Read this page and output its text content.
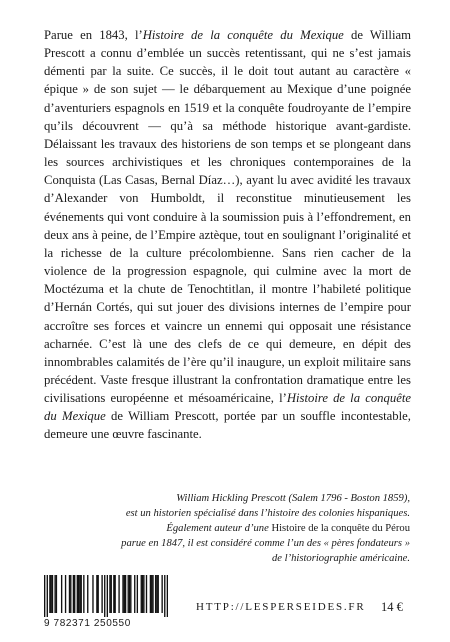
Parue en 1843, l’Histoire de la conquête du Mexique de William Prescott a connu d’emblée un succès retentissant, qui ne s’est jamais démenti par la suite. Ce succès, il le doit tout autant au caractère « épique » de son sujet — le débarquement au Mexique d’une poignée d’aventuriers espagnols en 1519 et la conquête foudroyante de l’empire qu’ils découvrent — qu’à sa méthode historique avant-gardiste. Délaissant les travaux des historiens de son temps et se plongeant dans les sources archivistiques et les chroniques contemporaines de la Conquista (Las Casas, Bernal Díaz…), ayant lu avec avidité les travaux d’Alexander von Humboldt, il reconstitue minutieusement les événements qui vont conduire à la soumission puis à l’effondrement, en deux ans à peine, de l’Empire aztèque, tout en soulignant l’originalité et la richesse de la culture précolombienne. Sans rien cacher de la violence de la progression espagnole, qui culmine avec la mort de Moctézuma et la chute de Tenochtitlan, il montre l’habileté politique d’Hernán Cortés, qui sut jouer des divisions internes de l’empire pour accroître ses forces et vaincre un ennemi qui opposait une résistance acharnée. C’est là une des clefs de ce qui demeure, en dépit des innombrables calamités de l’ère qu’il inaugure, un exploit militaire sans précédent. Vaste fresque illustrant la confrontation dramatique entre les civilisations européenne et mésoaméricaine, l’Histoire de la conquête du Mexique de William Prescott, portée par un souffle incontestable, demeure une œuvre fascinante.

William Hickling Prescott (Salem 1796 - Boston 1859),

est un historien spécialisé dans l’histoire des colonies hispaniques.

Également auteur d’une Histoire de la conquête du Pérou

parue en 1847, il est considéré comme l’un des « pères fondateurs »

de l’historiographie américaine.

9 782371 250550
HTTP://LESPERSEIDES.FR 14 €
